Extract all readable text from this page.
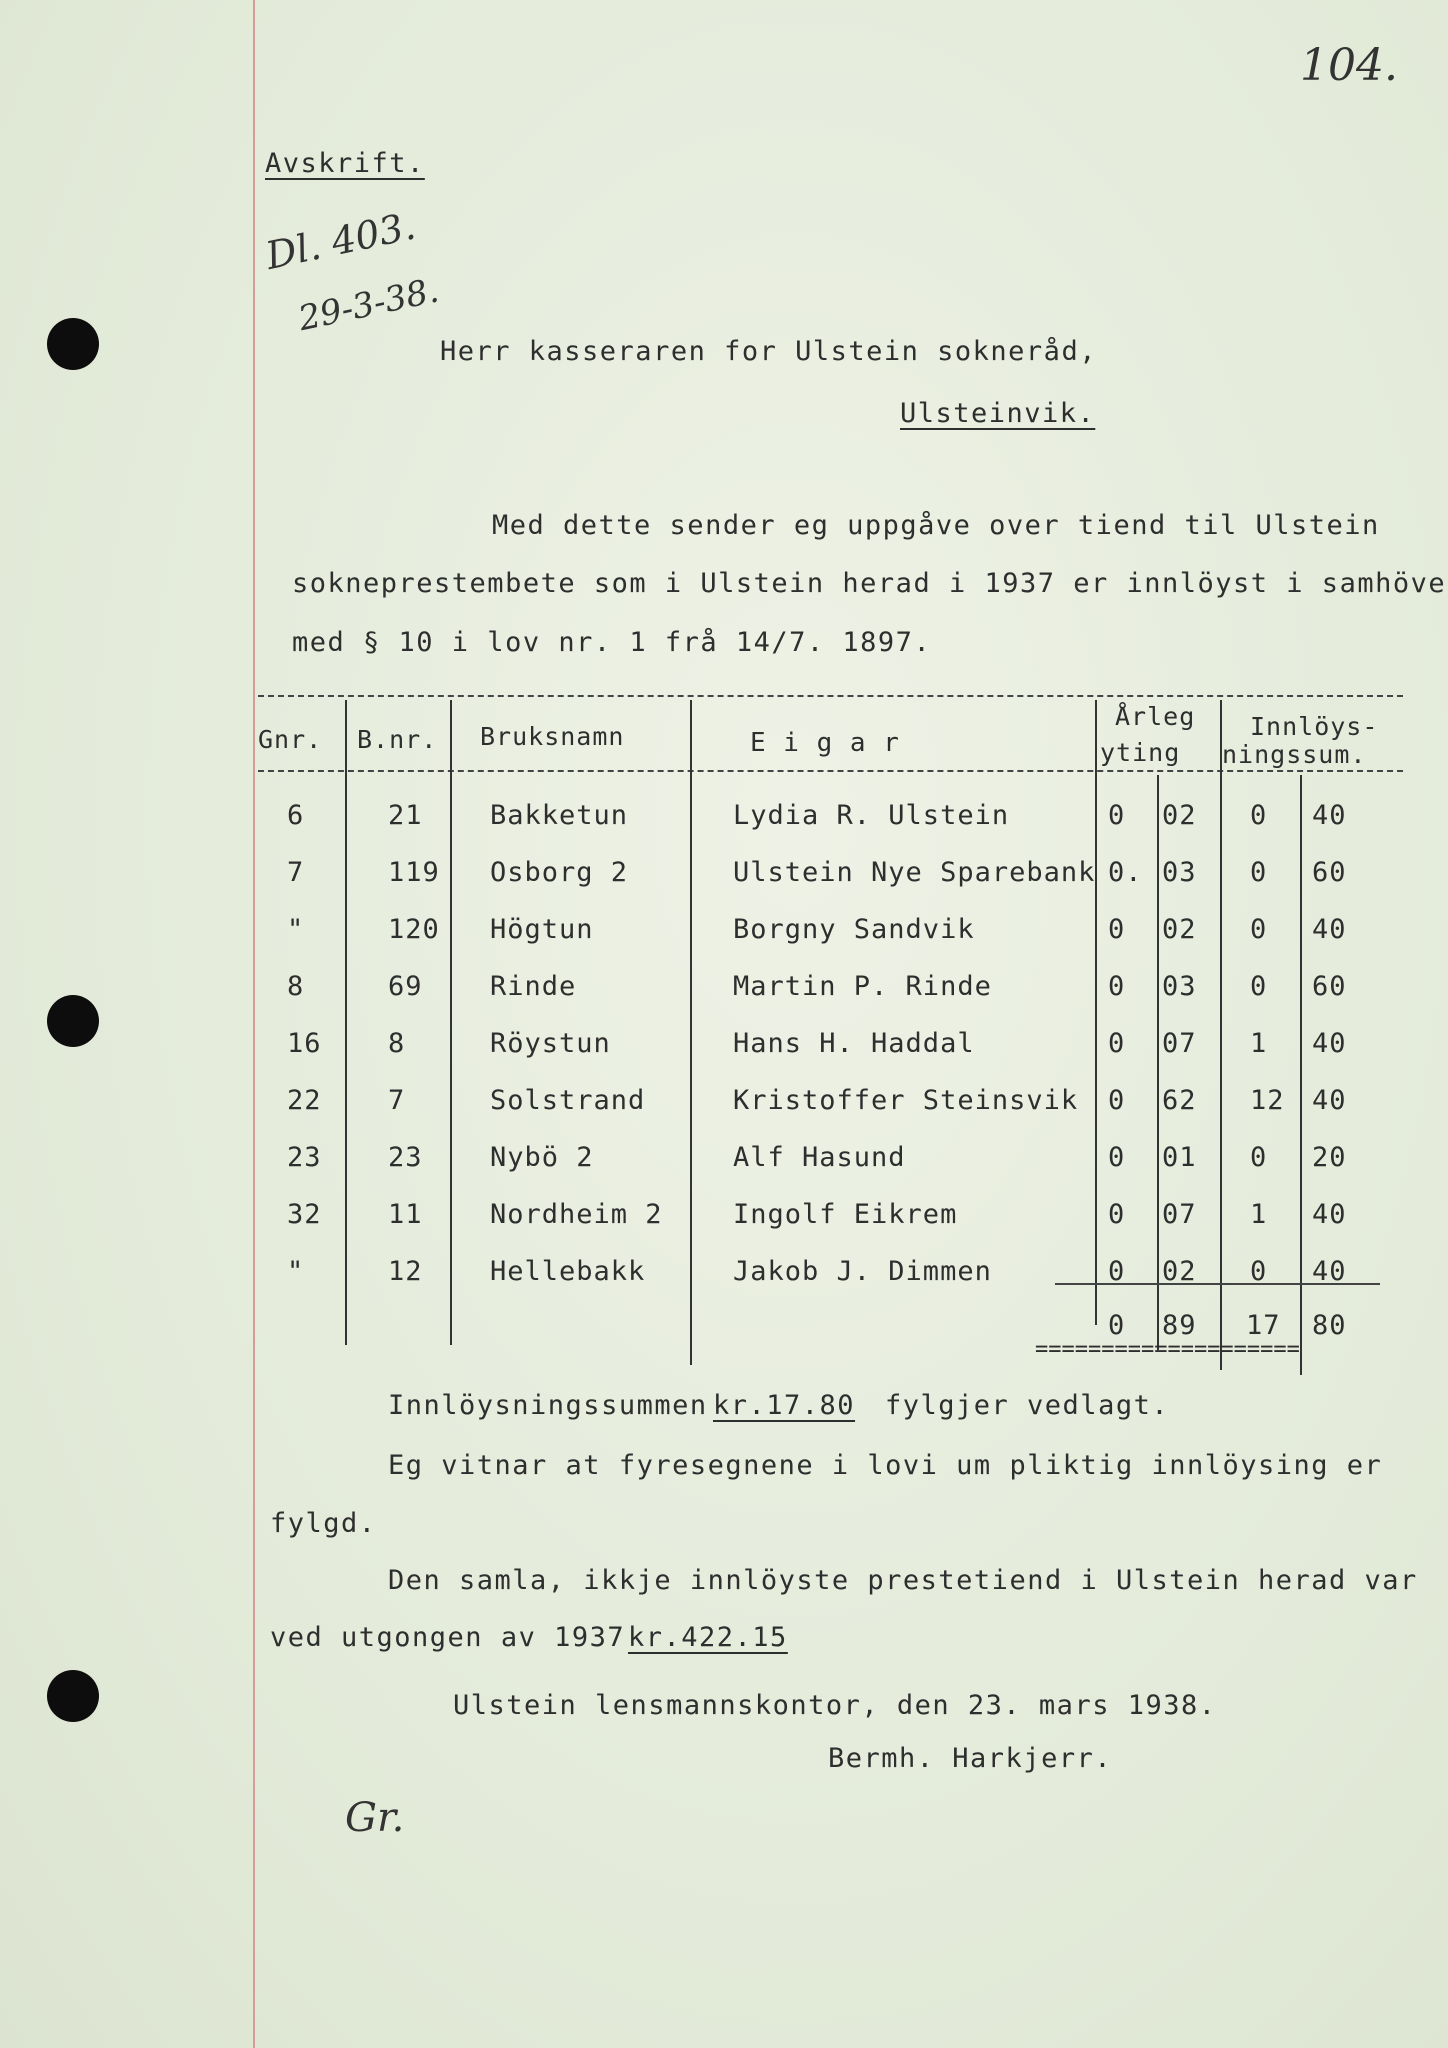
104.
Avskrift.
Dl. 403.
29-3-38.
Herr kasseraren for Ulstein sokneråd,
Ulsteinvik.
Med dette sender eg uppgåve over tiend til Ulstein
sokneprestembete som i Ulstein herad i 1937 er innlöyst i samhöve
med § 10 i lov nr. 1 frå 14/7. 1897.
Gnr. B.nr. Bruksnamn	E i g a r
Årleg
yting
Innlöys-
ningssum.
6	21 Bakketun	Lydia R. Ulstein	0 02 0 40
7	119 Osborg 2	Ulstein Nye Sparebank 0. 03 0 60
"	120 Högtun	Borgny Sandvik	0 02 0 40
8	69 Rinde	Martin P. Rinde	0 03 0 60
16 8	Röystun	Hans H. Haddal	0 07 1 40
22 7	Solstrand	Kristoffer Steinsvik 0 62 12 40
23 23 Nybö 2	Alf Hasund	0 01 0 20
32 11 Nordheim 2	Ingolf Eikrem	0 07 1 40
"	12 Hellebakk	Jakob J. Dimmen	0 02 0 40
0 89 17 80
====================
Innlöysningssummen kr.17.80 fylgjer vedlagt.
Eg vitnar at fyresegnene i lovi um pliktig innlöysing er
fylgd.
Den samla, ikkje innlöyste prestetiend i Ulstein herad var
ved utgongen av 1937 kr.422.15
Ulstein lensmannskontor, den 23. mars 1938.
Bermh. Harkjerr.
Gr.
